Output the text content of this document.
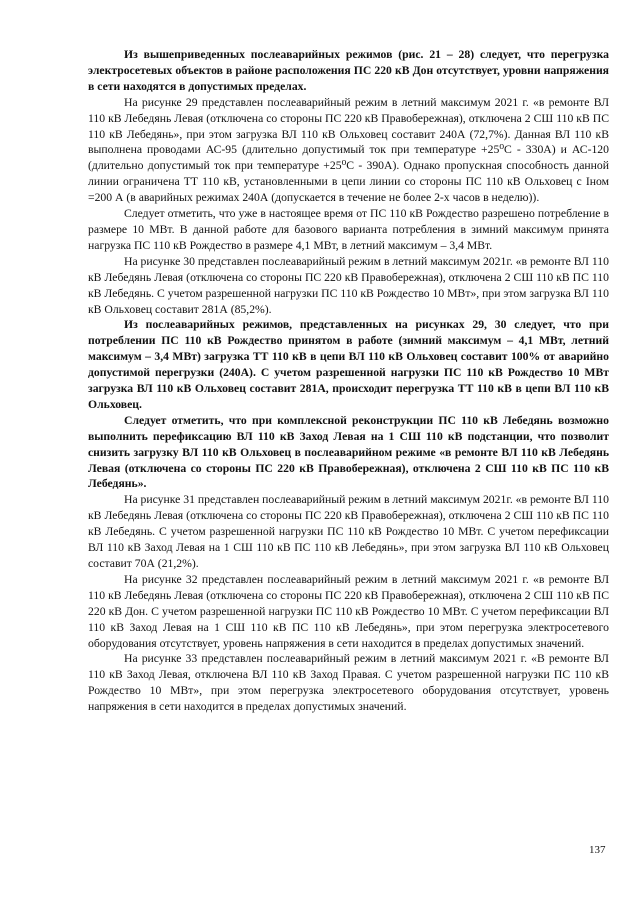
Из вышеприведенных послеаварийных режимов (рис. 21 – 28) следует, что перегрузка электросетевых объектов в районе расположения ПС 220 кВ Дон отсутствует, уровни напряжения в сети находятся в допустимых пределах.

На рисунке 29 представлен послеаварийный режим в летний максимум 2021 г. «в ремонте ВЛ 110 кВ Лебедянь Левая (отключена со стороны ПС 220 кВ Правобережная), отключена 2 СШ 110 кВ ПС 110 кВ Лебедянь», при этом загрузка ВЛ 110 кВ Ольховец составит 240А (72,7%). Данная ВЛ 110 кВ выполнена проводами АС-95 (длительно допустимый ток при температуре +25⁰С - 330А) и АС-120 (длительно допустимый ток при температуре +25⁰С - 390А). Однако пропускная способность данной линии ограничена ТТ 110 кВ, установленными в цепи линии со стороны ПС 110 кВ Ольховец с Iном =200 А (в аварийных режимах 240А (допускается в течение не более 2-х часов в неделю)).

Следует отметить, что уже в настоящее время от ПС 110 кВ Рождество разрешено потребление в размере 10 МВт. В данной работе для базового варианта потребления в зимний максимум принята нагрузка ПС 110 кВ Рождество в размере 4,1 МВт, в летний максимум – 3,4 МВт.

На рисунке 30 представлен послеаварийный режим в летний максимум 2021г. «в ремонте ВЛ 110 кВ Лебедянь Левая (отключена со стороны ПС 220 кВ Правобережная), отключена 2 СШ 110 кВ ПС 110 кВ Лебедянь. С учетом разрешенной нагрузки ПС 110 кВ Рождество 10 МВт», при этом загрузка ВЛ 110 кВ Ольховец составит 281А (85,2%).

Из послеаварийных режимов, представленных на рисунках 29, 30 следует, что при потреблении ПС 110 кВ Рождество принятом в работе (зимний максимум – 4,1 МВт, летний максимум – 3,4 МВт) загрузка ТТ 110 кВ в цепи ВЛ 110 кВ Ольховец составит 100% от аварийно допустимой перегрузки (240А). С учетом разрешенной нагрузки ПС 110 кВ Рождество 10 МВт загрузка ВЛ 110 кВ Ольховец составит 281А, происходит перегрузка ТТ 110 кВ в цепи ВЛ 110 кВ Ольховец.

Следует отметить, что при комплексной реконструкции ПС 110 кВ Лебедянь возможно выполнить перефиксацию ВЛ 110 кВ Заход Левая на 1 СШ 110 кВ подстанции, что позволит снизить загрузку ВЛ 110 кВ Ольховец в послеаварийном режиме «в ремонте ВЛ 110 кВ Лебедянь Левая (отключена со стороны ПС 220 кВ Правобережная), отключена 2 СШ 110 кВ ПС 110 кВ Лебедянь».

На рисунке 31 представлен послеаварийный режим в летний максимум 2021г. «в ремонте ВЛ 110 кВ Лебедянь Левая (отключена со стороны ПС 220 кВ Правобережная), отключена 2 СШ 110 кВ ПС 110 кВ Лебедянь. С учетом разрешенной нагрузки ПС 110 кВ Рождество 10 МВт. С учетом перефиксации ВЛ 110 кВ Заход Левая на 1 СШ 110 кВ ПС 110 кВ Лебедянь», при этом загрузка ВЛ 110 кВ Ольховец составит 70А (21,2%).

На рисунке 32 представлен послеаварийный режим в летний максимум 2021 г. «в ремонте ВЛ 110 кВ Лебедянь Левая (отключена со стороны ПС 220 кВ Правобережная), отключена 2 СШ 110 кВ ПС 220 кВ Дон. С учетом разрешенной нагрузки ПС 110 кВ Рождество 10 МВт. С учетом перефиксации ВЛ 110 кВ Заход Левая на 1 СШ 110 кВ ПС 110 кВ Лебедянь», при этом перегрузка электросетевого оборудования отсутствует, уровень напряжения в сети находится в пределах допустимых значений.

На рисунке 33 представлен послеаварийный режим в летний максимум 2021 г. «В ремонте ВЛ 110 кВ Заход Левая, отключена ВЛ 110 кВ Заход Правая. С учетом разрешенной нагрузки ПС 110 кВ Рождество 10 МВт», при этом перегрузка электросетевого оборудования отсутствует, уровень напряжения в сети находится в пределах допустимых значений.

137
